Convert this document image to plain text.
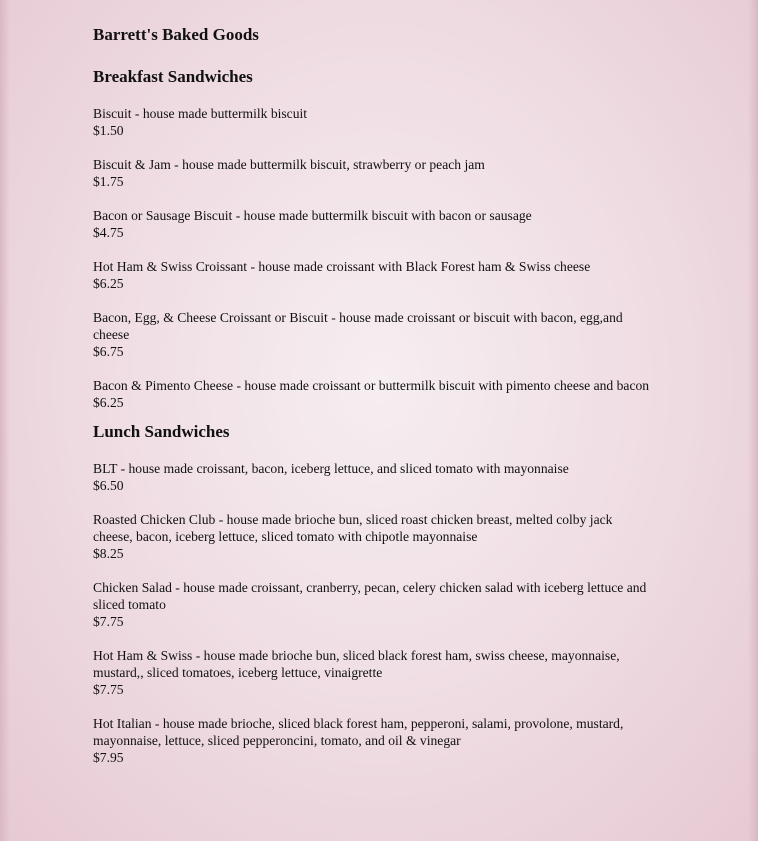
Barrett's Baked Goods
Breakfast Sandwiches
Biscuit - house made buttermilk biscuit
$1.50
Biscuit & Jam - house made buttermilk biscuit, strawberry or peach jam
$1.75
Bacon or Sausage Biscuit - house made buttermilk biscuit with bacon or sausage
$4.75
Hot Ham & Swiss Croissant - house made croissant with Black Forest ham & Swiss cheese
$6.25
Bacon, Egg, & Cheese Croissant or Biscuit - house made croissant or biscuit with bacon, egg,and cheese
$6.75
Bacon & Pimento Cheese - house made croissant or buttermilk biscuit with pimento cheese and bacon
$6.25
Lunch Sandwiches
BLT - house made croissant, bacon, iceberg lettuce, and sliced tomato with mayonnaise
$6.50
Roasted Chicken Club - house made brioche bun, sliced roast chicken breast, melted colby jack cheese, bacon, iceberg lettuce, sliced tomato with chipotle mayonnaise
$8.25
Chicken Salad - house made croissant, cranberry, pecan, celery chicken salad with iceberg lettuce and sliced tomato
$7.75
Hot Ham & Swiss - house made brioche bun, sliced black forest ham, swiss cheese, mayonnaise, mustard,, sliced tomatoes, iceberg lettuce, vinaigrette
$7.75
Hot Italian - house made brioche, sliced black forest ham, pepperoni, salami, provolone, mustard, mayonnaise, lettuce, sliced pepperoncini, tomato, and oil & vinegar
$7.95
